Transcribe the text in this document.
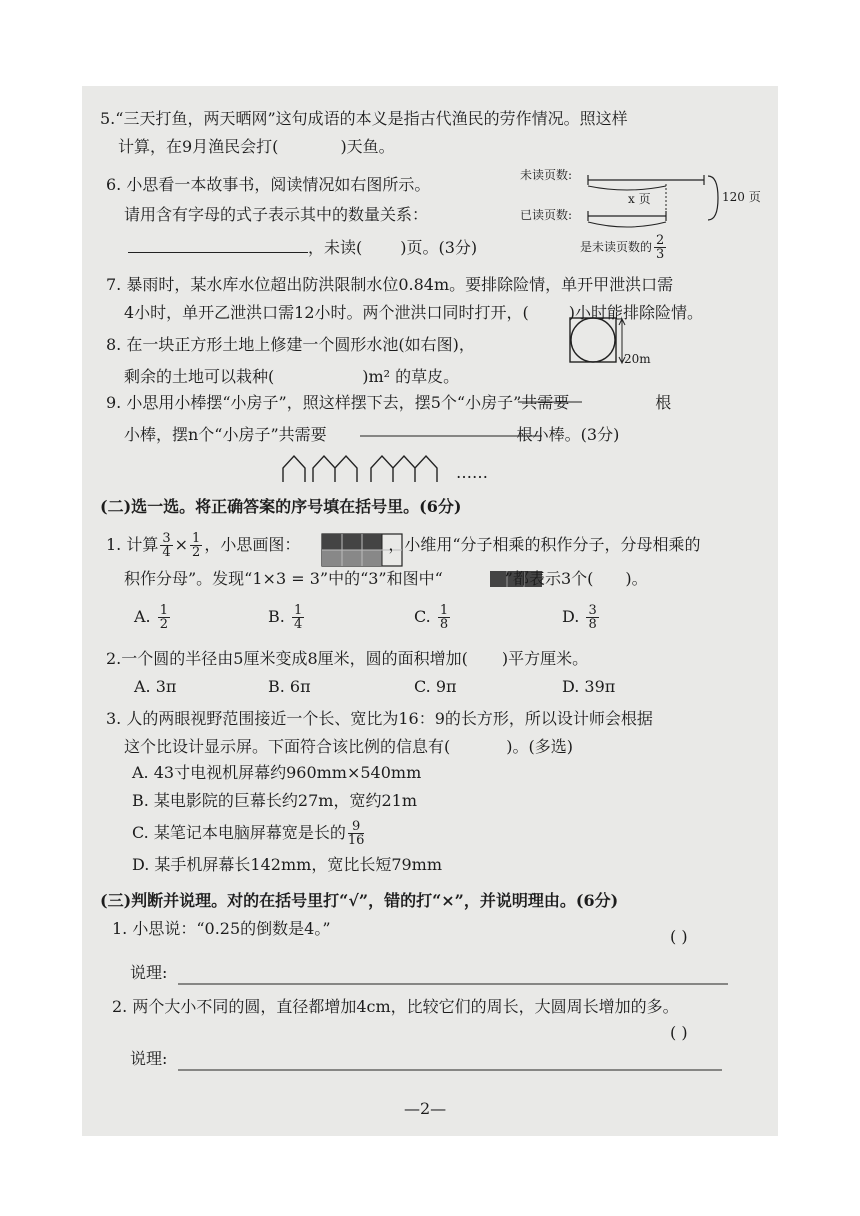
5.“三天打鱼，两天晒网”这句成语的本义是指古代渔民的劳作情况。照这样
计算，在9月渔民会打(	)天鱼。
6. 小思看一本故事书，阅读情况如右图所示。
请用含有字母的式子表示其中的数量关系：
，未读( )页。(3分)
未读页数:
已读页数:
x 页	120 页
是未读页数的 $\frac{2}{3}$
7. 暴雨时，某水库水位超出防洪限制水位0.84m。要排除险情，单开甲泄洪口需
4小时，单开乙泄洪口需12小时。两个泄洪口同时打开，(	)小时能排除险情。
8. 在一块正方形土地上修建一个圆形水池(如右图)，
剩余的土地可以栽种(	)m² 的草皮。
20m
9. 小思用小棒摆“小房子”，照这样摆下去，摆5个“小房子”共需要	根
小棒，摆n个“小房子”共需要	根小棒。(3分)
……
(二)选一选。将正确答案的序号填在括号里。(6分)
1. 计算 $\frac{3}{4} \times \frac{1}{2}$ ，小思画图：	，小维用“分子相乘的积作分子，分母相乘的
积作分母”。发现“1×3 = 3”中的“3”和图中“	”都表示3个( )。
A. $\frac{1}{2}$	B. $\frac{1}{4}$	C. $\frac{1}{8}$	D. $\frac{3}{8}$
2.一个圆的半径由5厘米变成8厘米，圆的面积增加( )平方厘米。
A. 3π	B. 6π	C. 9π	D. 39π
3. 人的两眼视野范围接近一个长、宽比为16：9的长方形，所以设计师会根据
这个比设计显示屏。下面符合该比例的信息有(	)。(多选)
A. 43寸电视机屏幕约960mm×540mm
B. 某电影院的巨幕长约27m，宽约21m
C. 某笔记本电脑屏幕宽是长的 $\frac{9}{16}$
D. 某手机屏幕长142mm，宽比长短79mm
(三)判断并说理。对的在括号里打“√”，错的打“×”，并说明理由。(6分)
1. 小思说：“0.25的倒数是4。”	( )
说理:
2. 两个大小不同的圆，直径都增加4cm，比较它们的周长，大圆周长增加的多。
( )
说理:
—2—
